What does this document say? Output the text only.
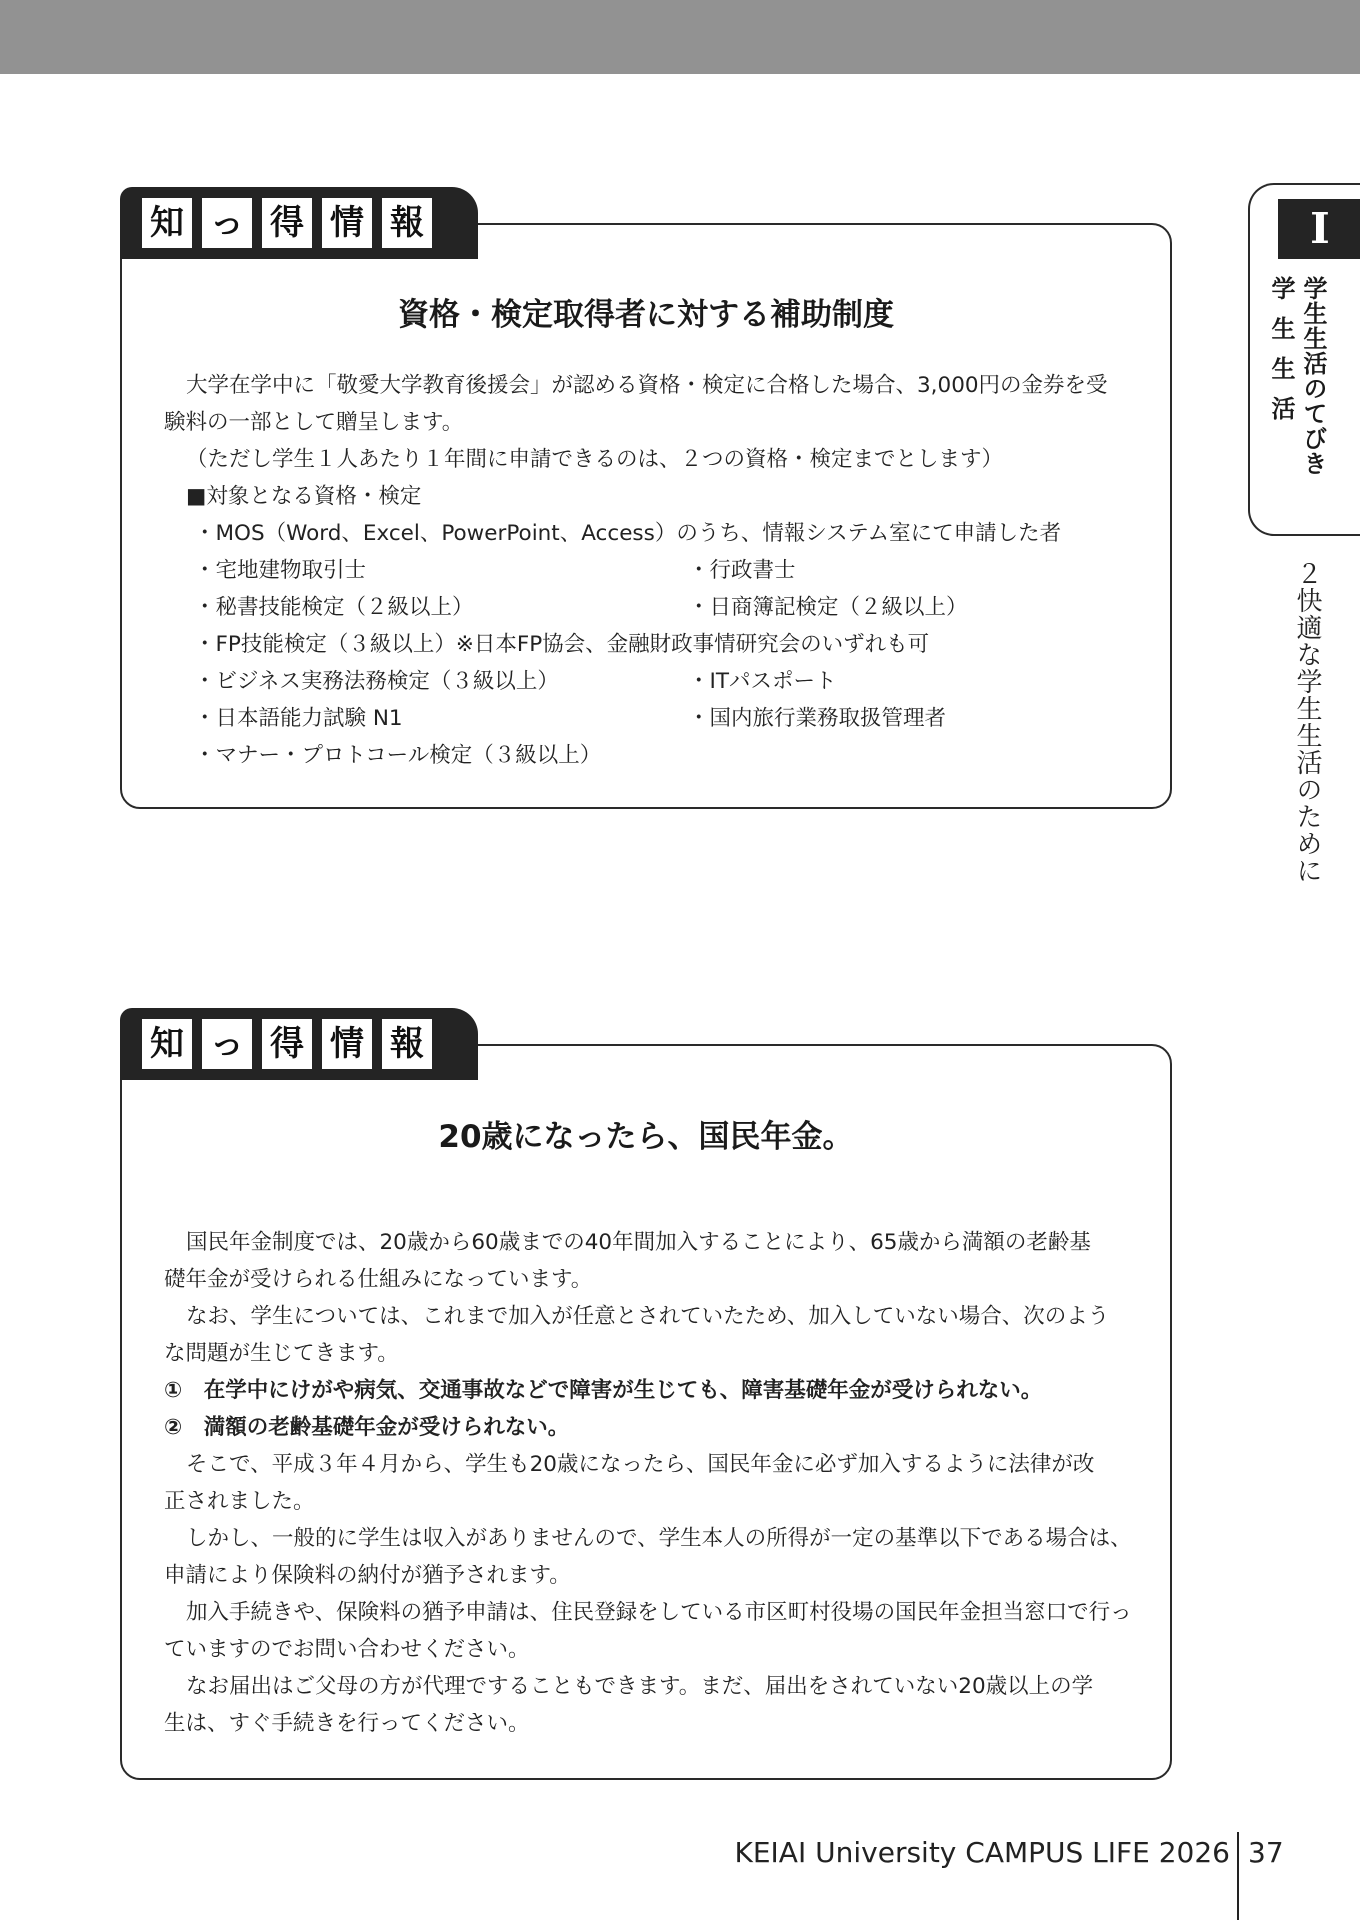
知 っ 得 情 報
資格・検定取得者に対する補助制度
大学在学中に「敬愛大学教育後援会」が認める資格・検定に合格した場合、3,000円の金券を受
験料の一部として贈呈します。
（ただし学生１人あたり１年間に申請できるのは、２つの資格・検定までとします）
■対象となる資格・検定
・MOS（Word、Excel、PowerPoint、Access）のうち、情報システム室にて申請した者
・宅地建物取引士	・行政書士
・秘書技能検定（２級以上）	・日商簿記検定（２級以上）
・FP技能検定（３級以上）※日本FP協会、金融財政事情研究会のいずれも可
・ビジネス実務法務検定（３級以上）	・ITパスポート
・日本語能力試験 N1	・国内旅行業務取扱管理者
・マナー・プロトコール検定（３級以上）
知 っ 得 情 報
20歳になったら、国民年金。
国民年金制度では、20歳から60歳までの40年間加入することにより、65歳から満額の老齢基
礎年金が受けられる仕組みになっています。
なお、学生については、これまで加入が任意とされていたため、加入していない場合、次のよう
な問題が生じてきます。
①　在学中にけがや病気、交通事故などで障害が生じても、障害基礎年金が受けられない。
②　満額の老齢基礎年金が受けられない。
そこで、平成３年４月から、学生も20歳になったら、国民年金に必ず加入するように法律が改
正されました。
しかし、一般的に学生は収入がありませんので、学生本人の所得が一定の基準以下である場合は、
申請により保険料の納付が猶予されます。
加入手続きや、保険料の猶予申請は、住民登録をしている市区町村役場の国民年金担当窓口で行っ
ていますのでお問い合わせください。
なお届出はご父母の方が代理ですることもできます。まだ、届出をされていない20歳以上の学
生は、すぐ手続きを行ってください。
I
学生生活のてびき
学生生活
２快適な学生生活のために
KEIAI University CAMPUS LIFE 2026 37
